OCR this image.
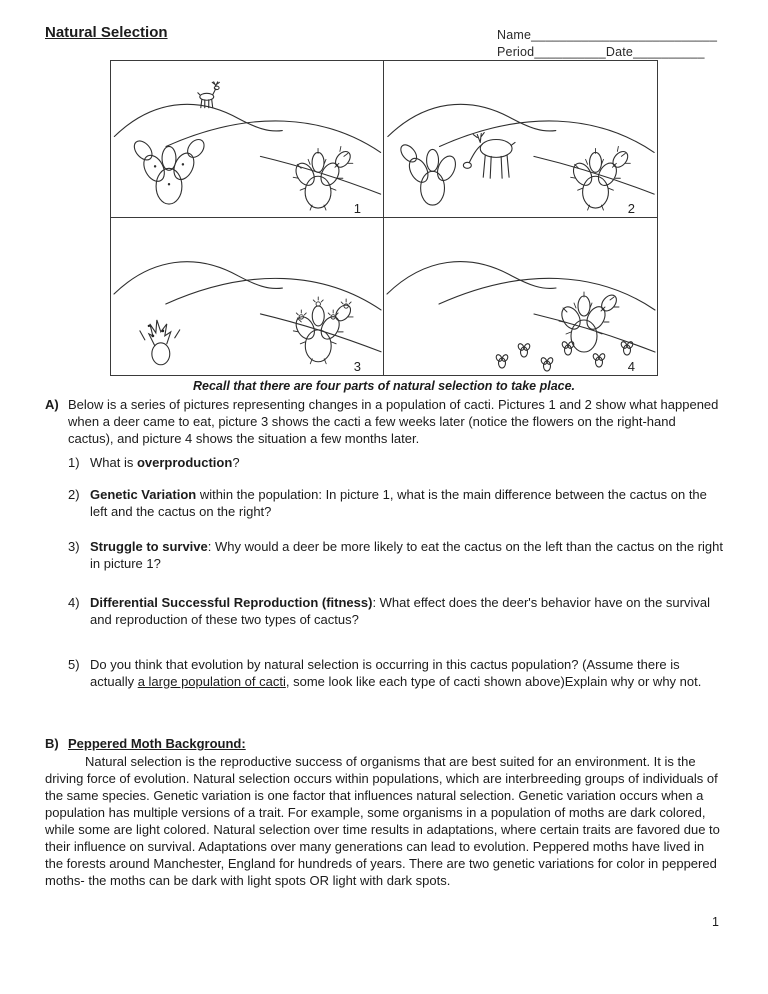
Natural Selection	Name__________________________
Period__________Date__________
1	2
3	4
Recall that there are four parts of natural selection to take place.
A) Below is a series of pictures representing changes in a population of cacti. Pictures 1 and 2 show what happened when a deer came to eat, picture 3 shows the cacti a few weeks later (notice the flowers on the right-hand cactus), and picture 4 shows the situation a few months later.
1) What is overproduction?
2) Genetic Variation within the population: In picture 1, what is the main difference between the cactus on the left and the cactus on the right?
3) Struggle to survive: Why would a deer be more likely to eat the cactus on the left than the cactus on the right in picture 1?
4) Differential Successful Reproduction (fitness): What effect does the deer's behavior have on the survival and reproduction of these two types of cactus?
5) Do you think that evolution by natural selection is occurring in this cactus population? (Assume there is actually a large population of cacti, some look like each type of cacti shown above)Explain why or why not.
B) Peppered Moth Background:
Natural selection is the reproductive success of organisms that are best suited for an environment. It is the driving force of evolution. Natural selection occurs within populations, which are interbreeding groups of individuals of the same species. Genetic variation is one factor that influences natural selection. Genetic variation occurs when a population has multiple versions of a trait. For example, some organisms in a population of moths are dark colored, while some are light colored. Natural selection over time results in adaptations, where certain traits are favored due to their influence on survival. Adaptations over many generations can lead to evolution. Peppered moths have lived in the forests around Manchester, England for hundreds of years. There are two genetic variations for color in peppered moths- the moths can be dark with light spots OR light with dark spots.
1
